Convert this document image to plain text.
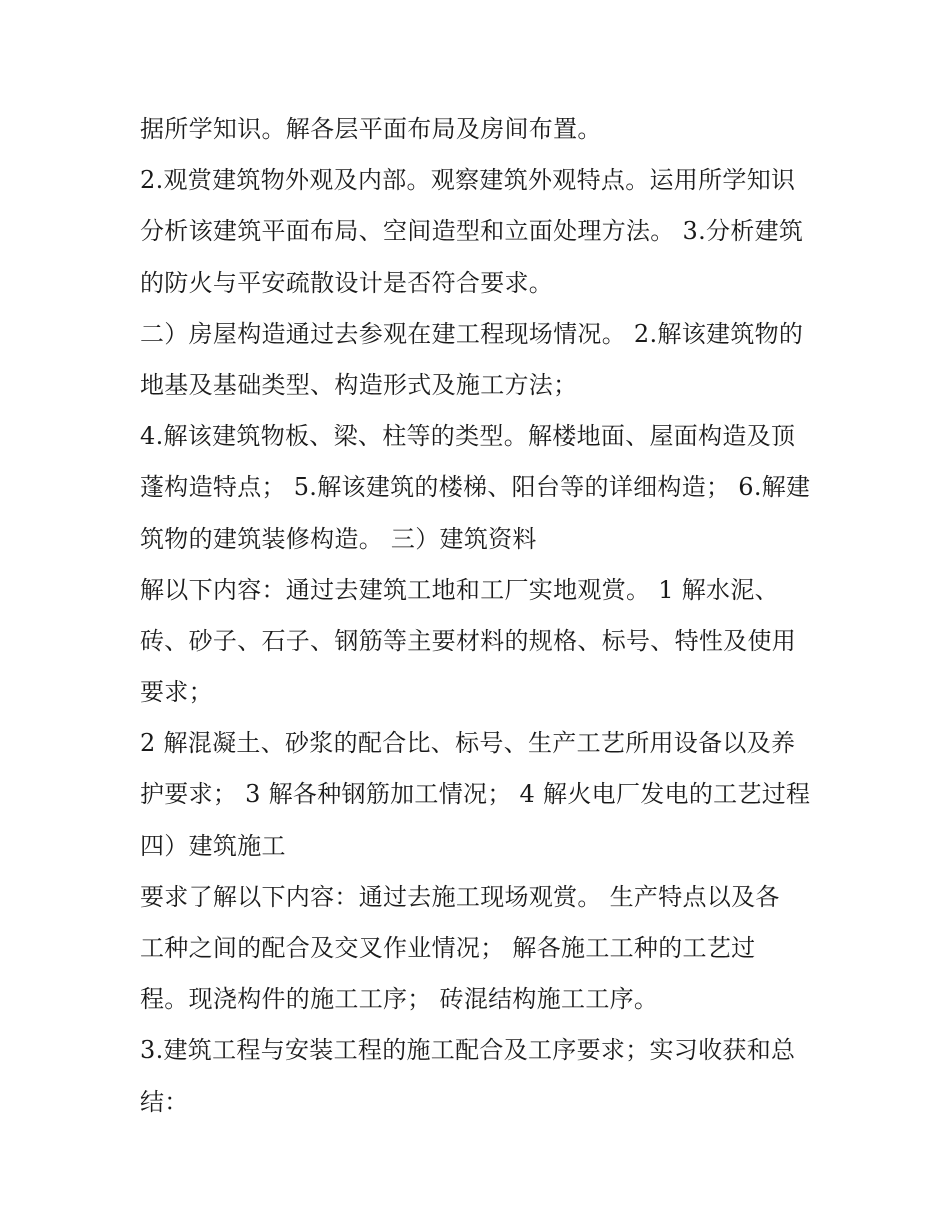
据所学知识。解各层平面布局及房间布置。
2.观赏建筑物外观及内部。观察建筑外观特点。运用所学知识
分析该建筑平面布局、空间造型和立面处理方法。 3.分析建筑
的防火与平安疏散设计是否符合要求。
二）房屋构造通过去参观在建工程现场情况。 2.解该建筑物的
地基及基础类型、构造形式及施工方法；
4.解该建筑物板、梁、柱等的类型。解楼地面、屋面构造及顶
蓬构造特点； 5.解该建筑的楼梯、阳台等的详细构造； 6.解建
筑物的建筑装修构造。 三）建筑资料
解以下内容：通过去建筑工地和工厂实地观赏。 1 解水泥、
砖、砂子、石子、钢筋等主要材料的规格、标号、特性及使用
要求；
2 解混凝土、砂浆的配合比、标号、生产工艺所用设备以及养
护要求； 3 解各种钢筋加工情况； 4 解火电厂发电的工艺过程
四）建筑施工
要求了解以下内容：通过去施工现场观赏。 生产特点以及各
工种之间的配合及交叉作业情况； 解各施工工种的工艺过
程。现浇构件的施工工序； 砖混结构施工工序。
3.建筑工程与安装工程的施工配合及工序要求；实习收获和总
结：
